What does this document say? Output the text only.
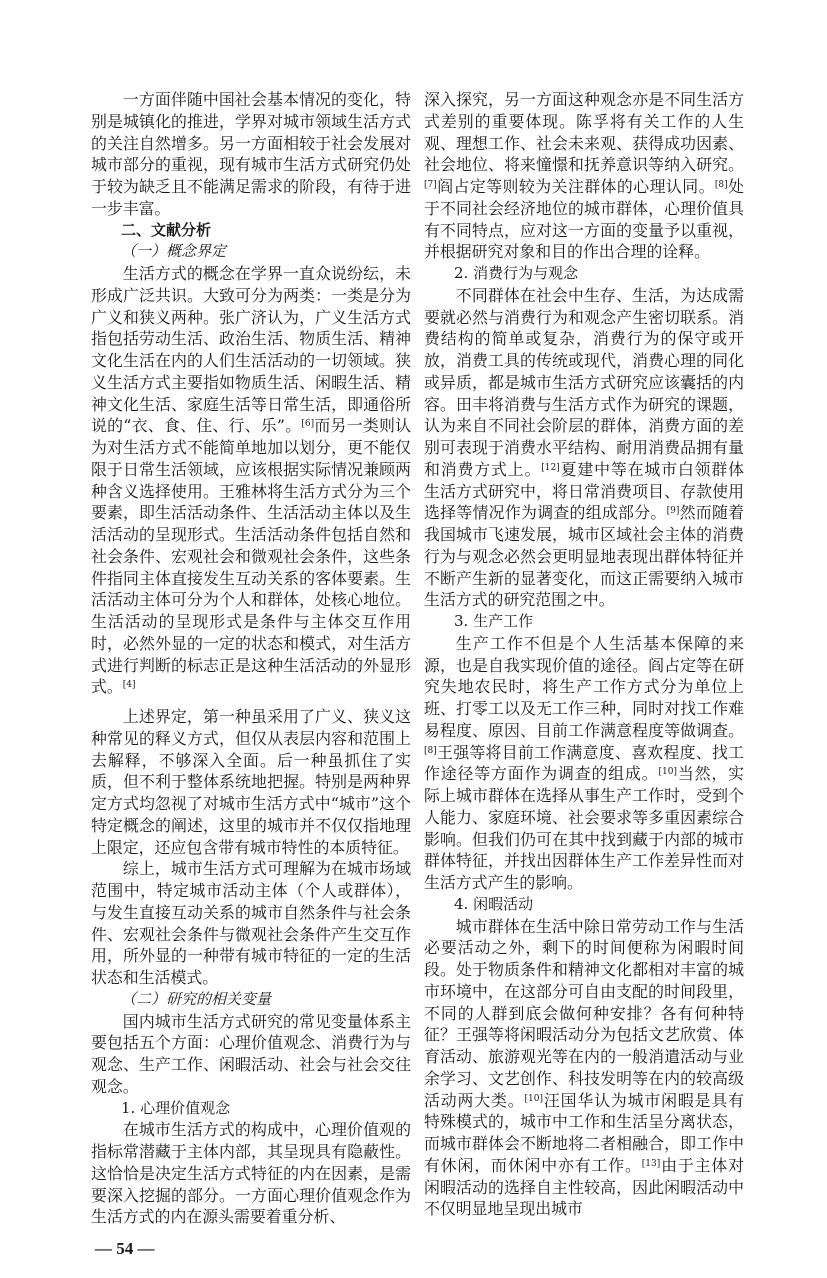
一方面伴随中国社会基本情况的变化，特别是城镇化的推进，学界对城市领域生活方式的关注自然增多。另一方面相较于社会发展对城市部分的重视，现有城市生活方式研究仍处于较为缺乏且不能满足需求的阶段，有待于进一步丰富。

二、文献分析

（一）概念界定

生活方式的概念在学界一直众说纷纭，未形成广泛共识。大致可分为两类：一类是分为广义和狭义两种。张广济认为，广义生活方式指包括劳动生活、政治生活、物质生活、精神文化生活在内的人们生活活动的一切领域。狭义生活方式主要指如物质生活、闲暇生活、精神文化生活、家庭生活等日常生活，即通俗所说的“衣、食、住、行、乐”。[6]而另一类则认为对生活方式不能简单地加以划分，更不能仅限于日常生活领域，应该根据实际情况兼顾两种含义选择使用。王雅林将生活方式分为三个要素，即生活活动条件、生活活动主体以及生活活动的呈现形式。生活活动条件包括自然和社会条件、宏观社会和微观社会条件，这些条件指同主体直接发生互动关系的客体要素。生活活动主体可分为个人和群体，处核心地位。生活活动的呈现形式是条件与主体交互作用时，必然外显的一定的状态和模式，对生活方式进行判断的标志正是这种生活活动的外显形式。[4]

上述界定，第一种虽采用了广义、狭义这种常见的释义方式，但仅从表层内容和范围上去解释，不够深入全面。后一种虽抓住了实质，但不利于整体系统地把握。特别是两种界定方式均忽视了对城市生活方式中“城市”这个特定概念的阐述，这里的城市并不仅仅指地理上限定，还应包含带有城市特性的本质特征。

综上，城市生活方式可理解为在城市场域范围中，特定城市活动主体（个人或群体），与发生直接互动关系的城市自然条件与社会条件、宏观社会条件与微观社会条件产生交互作用，所外显的一种带有城市特征的一定的生活状态和生活模式。

（二）研究的相关变量

国内城市生活方式研究的常见变量体系主要包括五个方面：心理价值观念、消费行为与观念、生产工作、闲暇活动、社会与社会交往观念。

1. 心理价值观念

在城市生活方式的构成中，心理价值观的指标常潜藏于主体内部，其呈现具有隐蔽性。这恰恰是决定生活方式特征的内在因素，是需要深入挖掘的部分。一方面心理价值观念作为生活方式的内在源头需要着重分析、

深入探究，另一方面这种观念亦是不同生活方式差别的重要体现。陈孚将有关工作的人生观、理想工作、社会未来观、获得成功因素、社会地位、将来憧憬和抚养意识等纳入研究。[7]阎占定等则较为关注群体的心理认同。[8]处于不同社会经济地位的城市群体，心理价值具有不同特点，应对这一方面的变量予以重视，并根据研究对象和目的作出合理的诠释。

2. 消费行为与观念

不同群体在社会中生存、生活，为达成需要就必然与消费行为和观念产生密切联系。消费结构的简单或复杂，消费行为的保守或开放，消费工具的传统或现代，消费心理的同化或异质，都是城市生活方式研究应该囊括的内容。田丰将消费与生活方式作为研究的课题，认为来自不同社会阶层的群体，消费方面的差别可表现于消费水平结构、耐用消费品拥有量和消费方式上。[12]夏建中等在城市白领群体生活方式研究中，将日常消费项目、存款使用选择等情况作为调查的组成部分。[9]然而随着我国城市飞速发展，城市区域社会主体的消费行为与观念必然会更明显地表现出群体特征并不断产生新的显著变化，而这正需要纳入城市生活方式的研究范围之中。

3. 生产工作

生产工作不但是个人生活基本保障的来源，也是自我实现价值的途径。阎占定等在研究失地农民时，将生产工作方式分为单位上班、打零工以及无工作三种，同时对找工作难易程度、原因、目前工作满意程度等做调查。[8]王强等将目前工作满意度、喜欢程度、找工作途径等方面作为调查的组成。[10]当然，实际上城市群体在选择从事生产工作时，受到个人能力、家庭环境、社会要求等多重因素综合影响。但我们仍可在其中找到藏于内部的城市群体特征，并找出因群体生产工作差异性而对生活方式产生的影响。

4. 闲暇活动

城市群体在生活中除日常劳动工作与生活必要活动之外，剩下的时间便称为闲暇时间段。处于物质条件和精神文化都相对丰富的城市环境中，在这部分可自由支配的时间段里，不同的人群到底会做何种安排？各有何种特征？王强等将闲暇活动分为包括文艺欣赏、体育活动、旅游观光等在内的一般消遣活动与业余学习、文艺创作、科技发明等在内的较高级活动两大类。[10]汪国华认为城市闲暇是具有特殊模式的，城市中工作和生活呈分离状态，而城市群体会不断地将二者相融合，即工作中有休闲，而休闲中亦有工作。[13]由于主体对闲暇活动的选择自主性较高，因此闲暇活动中不仅明显地呈现出城市

— 54 —
